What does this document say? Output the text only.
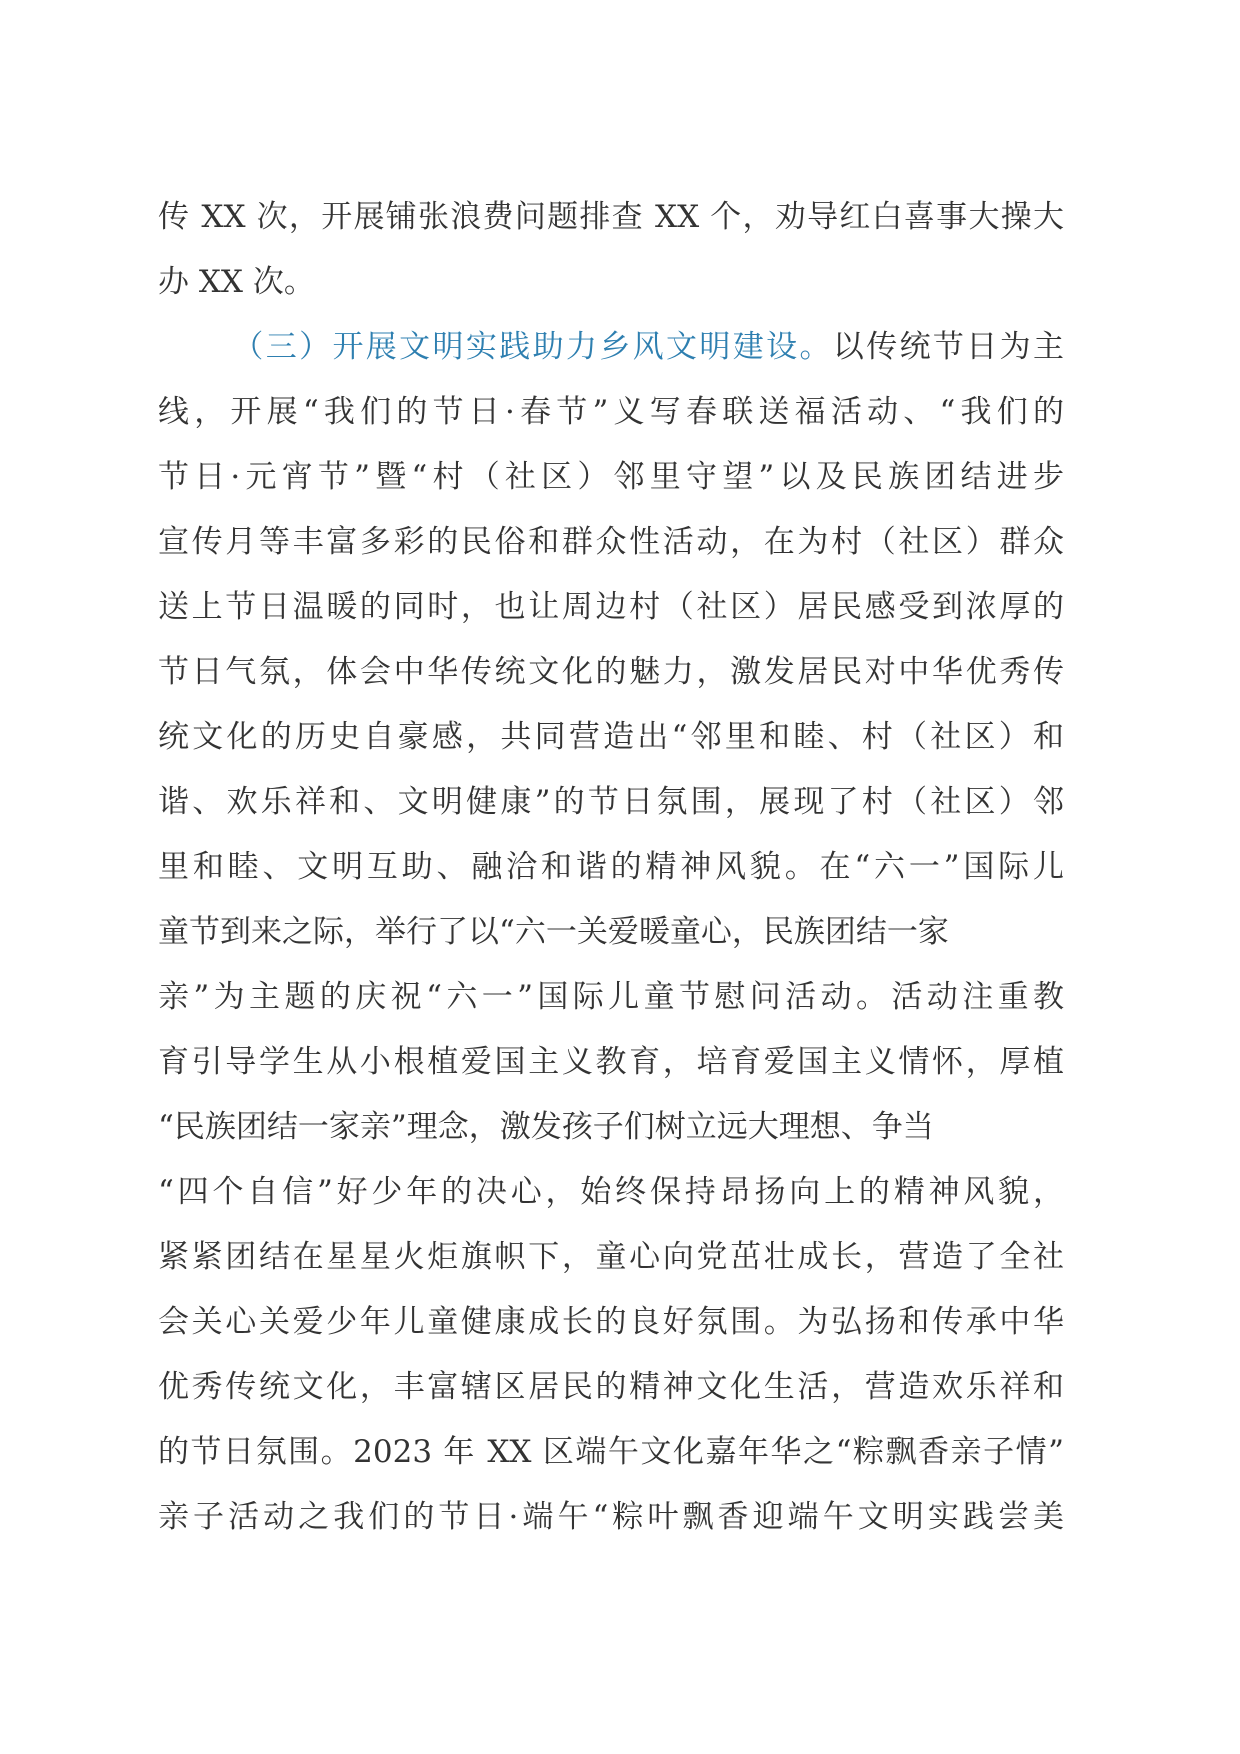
传 XX 次，开展铺张浪费问题排查 XX 个，劝导红白喜事大操大
办 XX 次。
（三）开展文明实践助力乡风文明建设。以传统节日为主
线，开展“我们的节日·春节”义写春联送福活动、“我们的
节日·元宵节”暨“村（社区）邻里守望”以及民族团结进步
宣传月等丰富多彩的民俗和群众性活动，在为村（社区）群众
送上节日温暖的同时，也让周边村（社区）居民感受到浓厚的
节日气氛，体会中华传统文化的魅力，激发居民对中华优秀传
统文化的历史自豪感，共同营造出“邻里和睦、村（社区）和
谐、欢乐祥和、文明健康”的节日氛围，展现了村（社区）邻
里和睦、文明互助、融洽和谐的精神风貌。在“六一”国际儿
童节到来之际，举行了以“六一关爱暖童心，民族团结一家
亲”为主题的庆祝“六一”国际儿童节慰问活动。活动注重教
育引导学生从小根植爱国主义教育，培育爱国主义情怀，厚植
“民族团结一家亲”理念，激发孩子们树立远大理想、争当
“四个自信”好少年的决心，始终保持昂扬向上的精神风貌，
紧紧团结在星星火炬旗帜下，童心向党茁壮成长，营造了全社
会关心关爱少年儿童健康成长的良好氛围。为弘扬和传承中华
优秀传统文化，丰富辖区居民的精神文化生活，营造欢乐祥和
的节日氛围。2023 年 XX 区端午文化嘉年华之“粽飘香亲子情”
亲子活动之我们的节日·端午“粽叶飘香迎端午文明实践尝美
